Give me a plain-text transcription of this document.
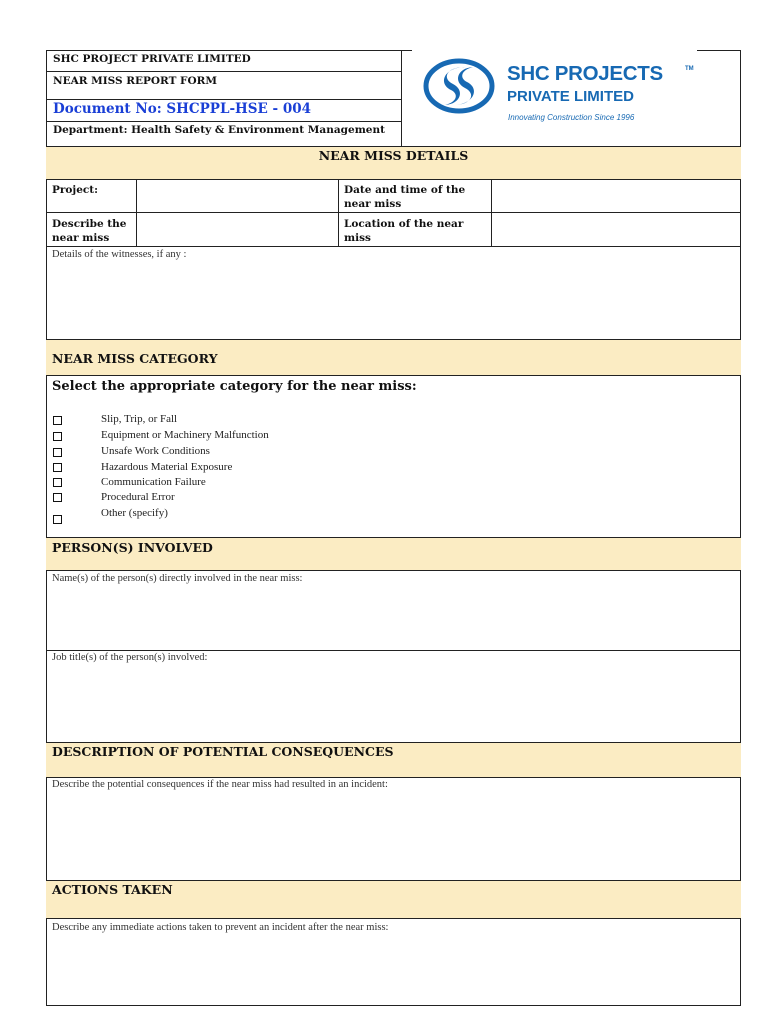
SHC PROJECT PRIVATE LIMITED
NEAR MISS REPORT FORM
Document No: SHCPPL-HSE - 004
Department: Health Safety & Environment Management
SHC PROJECTS	TM
PRIVATE LIMITED
Innovating Construction Since 1996
NEAR MISS DETAILS
Project:	Date and time of the near miss
Describe the near miss
Location of the near miss
Details of the witnesses, if any :
NEAR MISS CATEGORY
Select the appropriate category for the near miss:
Slip, Trip, or Fall
Equipment or Machinery Malfunction
Unsafe Work Conditions
Hazardous Material Exposure
Communication Failure
Procedural Error
Other (specify)
PERSON(S) INVOLVED
Name(s) of the person(s) directly involved in the near miss:
Job title(s) of the person(s) involved:
DESCRIPTION OF POTENTIAL CONSEQUENCES
Describe the potential consequences if the near miss had resulted in an incident:
ACTIONS TAKEN
Describe any immediate actions taken to prevent an incident after the near miss:
